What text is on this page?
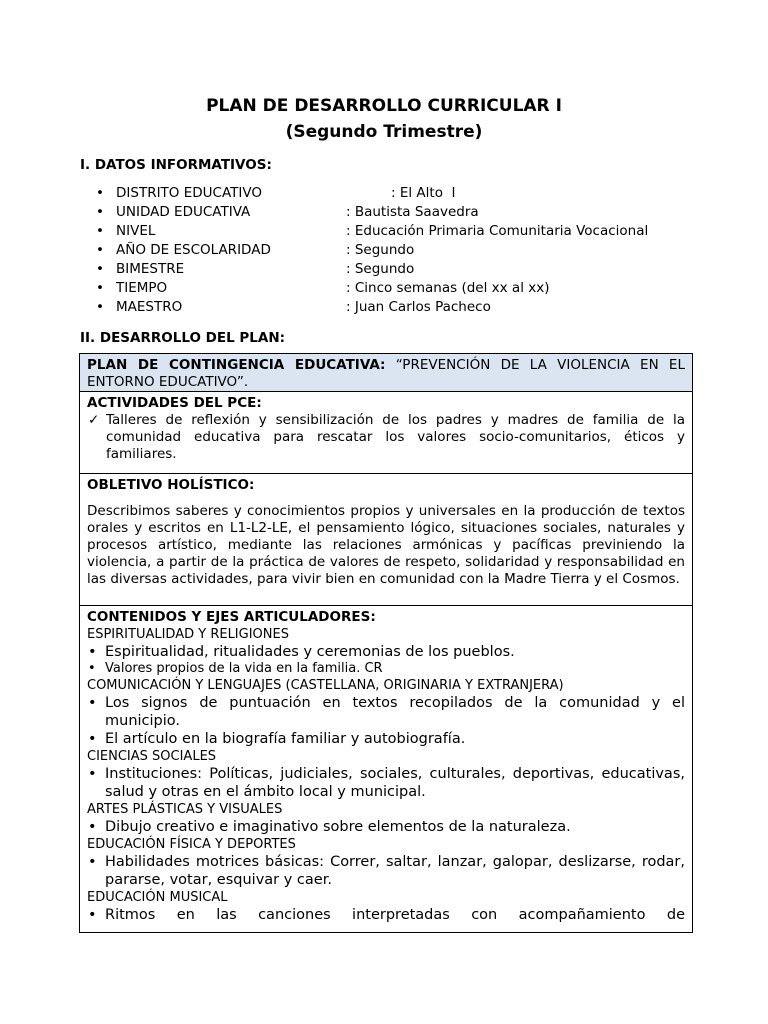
PLAN DE DESARROLLO CURRICULAR I
(Segundo Trimestre)
I. DATOS INFORMATIVOS:
• DISTRITO EDUCATIVO	: El Alto  I
• UNIDAD EDUCATIVA	: Bautista Saavedra
• NIVEL	: Educación Primaria Comunitaria Vocacional
• AÑO DE ESCOLARIDAD	: Segundo
• BIMESTRE	: Segundo
• TIEMPO	: Cinco semanas (del xx al xx)
• MAESTRO	: Juan Carlos Pacheco
II. DESARROLLO DEL PLAN:
PLAN DE CONTINGENCIA EDUCATIVA: “PREVENCIÓN DE LA VIOLENCIA EN EL ENTORNO EDUCATIVO”.
ACTIVIDADES DEL PCE:
✓ Talleres de reflexión y sensibilización de los padres y madres de familia de la comunidad educativa para rescatar los valores socio-comunitarios, éticos y familiares.
OBLETIVO HOLÍSTICO:
Describimos saberes y conocimientos propios y universales en la producción de textos orales y escritos en L1-L2-LE, el pensamiento lógico, situaciones sociales, naturales y procesos artístico, mediante las relaciones armónicas y pacíficas previniendo la violencia, a partir de la práctica de valores de respeto, solidaridad y responsabilidad en las diversas actividades, para vivir bien en comunidad con la Madre Tierra y el Cosmos.
CONTENIDOS Y EJES ARTICULADORES:
ESPIRITUALIDAD Y RELIGIONES
• Espiritualidad, ritualidades y ceremonias de los pueblos.
• Valores propios de la vida en la familia. CR
COMUNICACIÓN Y LENGUAJES (CASTELLANA, ORIGINARIA Y EXTRANJERA)
• Los signos de puntuación en textos recopilados de la comunidad y el municipio.
• El artículo en la biografía familiar y autobiografía.
CIENCIAS SOCIALES
• Instituciones: Políticas, judiciales, sociales, culturales, deportivas, educativas, salud y otras en el ámbito local y municipal.
ARTES PLÁSTICAS Y VISUALES
• Dibujo creativo e imaginativo sobre elementos de la naturaleza.
EDUCACIÓN FÍSICA Y DEPORTES
• Habilidades motrices básicas: Correr, saltar, lanzar, galopar, deslizarse, rodar, pararse, votar, esquivar y caer.
EDUCACIÓN MUSICAL
• Ritmos en las canciones interpretadas con acompañamiento de
